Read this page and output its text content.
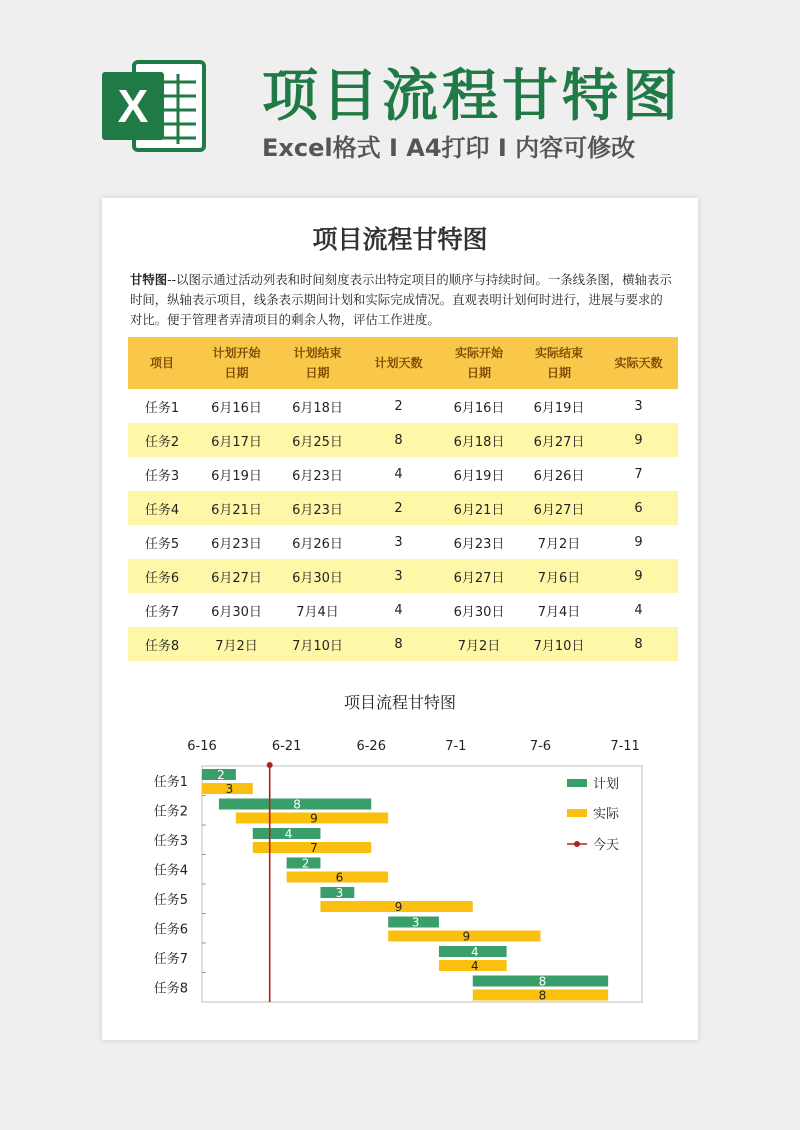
X 项目流程甘特图
Excel格式 I A4打印 I 内容可修改
项目流程甘特图
甘特图--以图示通过活动列表和时间刻度表示出特定项目的顺序与持续时间。一条线条图，横轴表示时间，纵轴表示项目，线条表示期间计划和实际完成情况。直观表明计划何时进行，进展与要求的对比。便于管理者弄清项目的剩余人物，评估工作进度。
项目	计划开始日期	计划结束日期	计划天数	实际开始日期	实际结束日期	实际天数
任务1	6月16日	6月18日	2	6月16日	6月19日	3
任务2	6月17日	6月25日	8	6月18日	6月27日	9
任务3	6月19日	6月23日	4	6月19日	6月26日	7
任务4	6月21日	6月23日	2	6月21日	6月27日	6
任务5	6月23日	6月26日	3	6月23日	7月2日	9
任务6	6月27日	6月30日	3	6月27日	7月6日	9
任务7	6月30日	7月4日	4	6月30日	7月4日	4
任务8	7月2日	7月10日	8	7月2日	7月10日	8
项目流程甘特图
6-16	6-21	6-26	7-1	7-6	7-11
任务1 2
3
任务2	8
9
任务3	4
7
任务4	2
6
任务5	3
9
任务6	3
9
任务7	4
4
任务8	8
8
计划
实际
今天
